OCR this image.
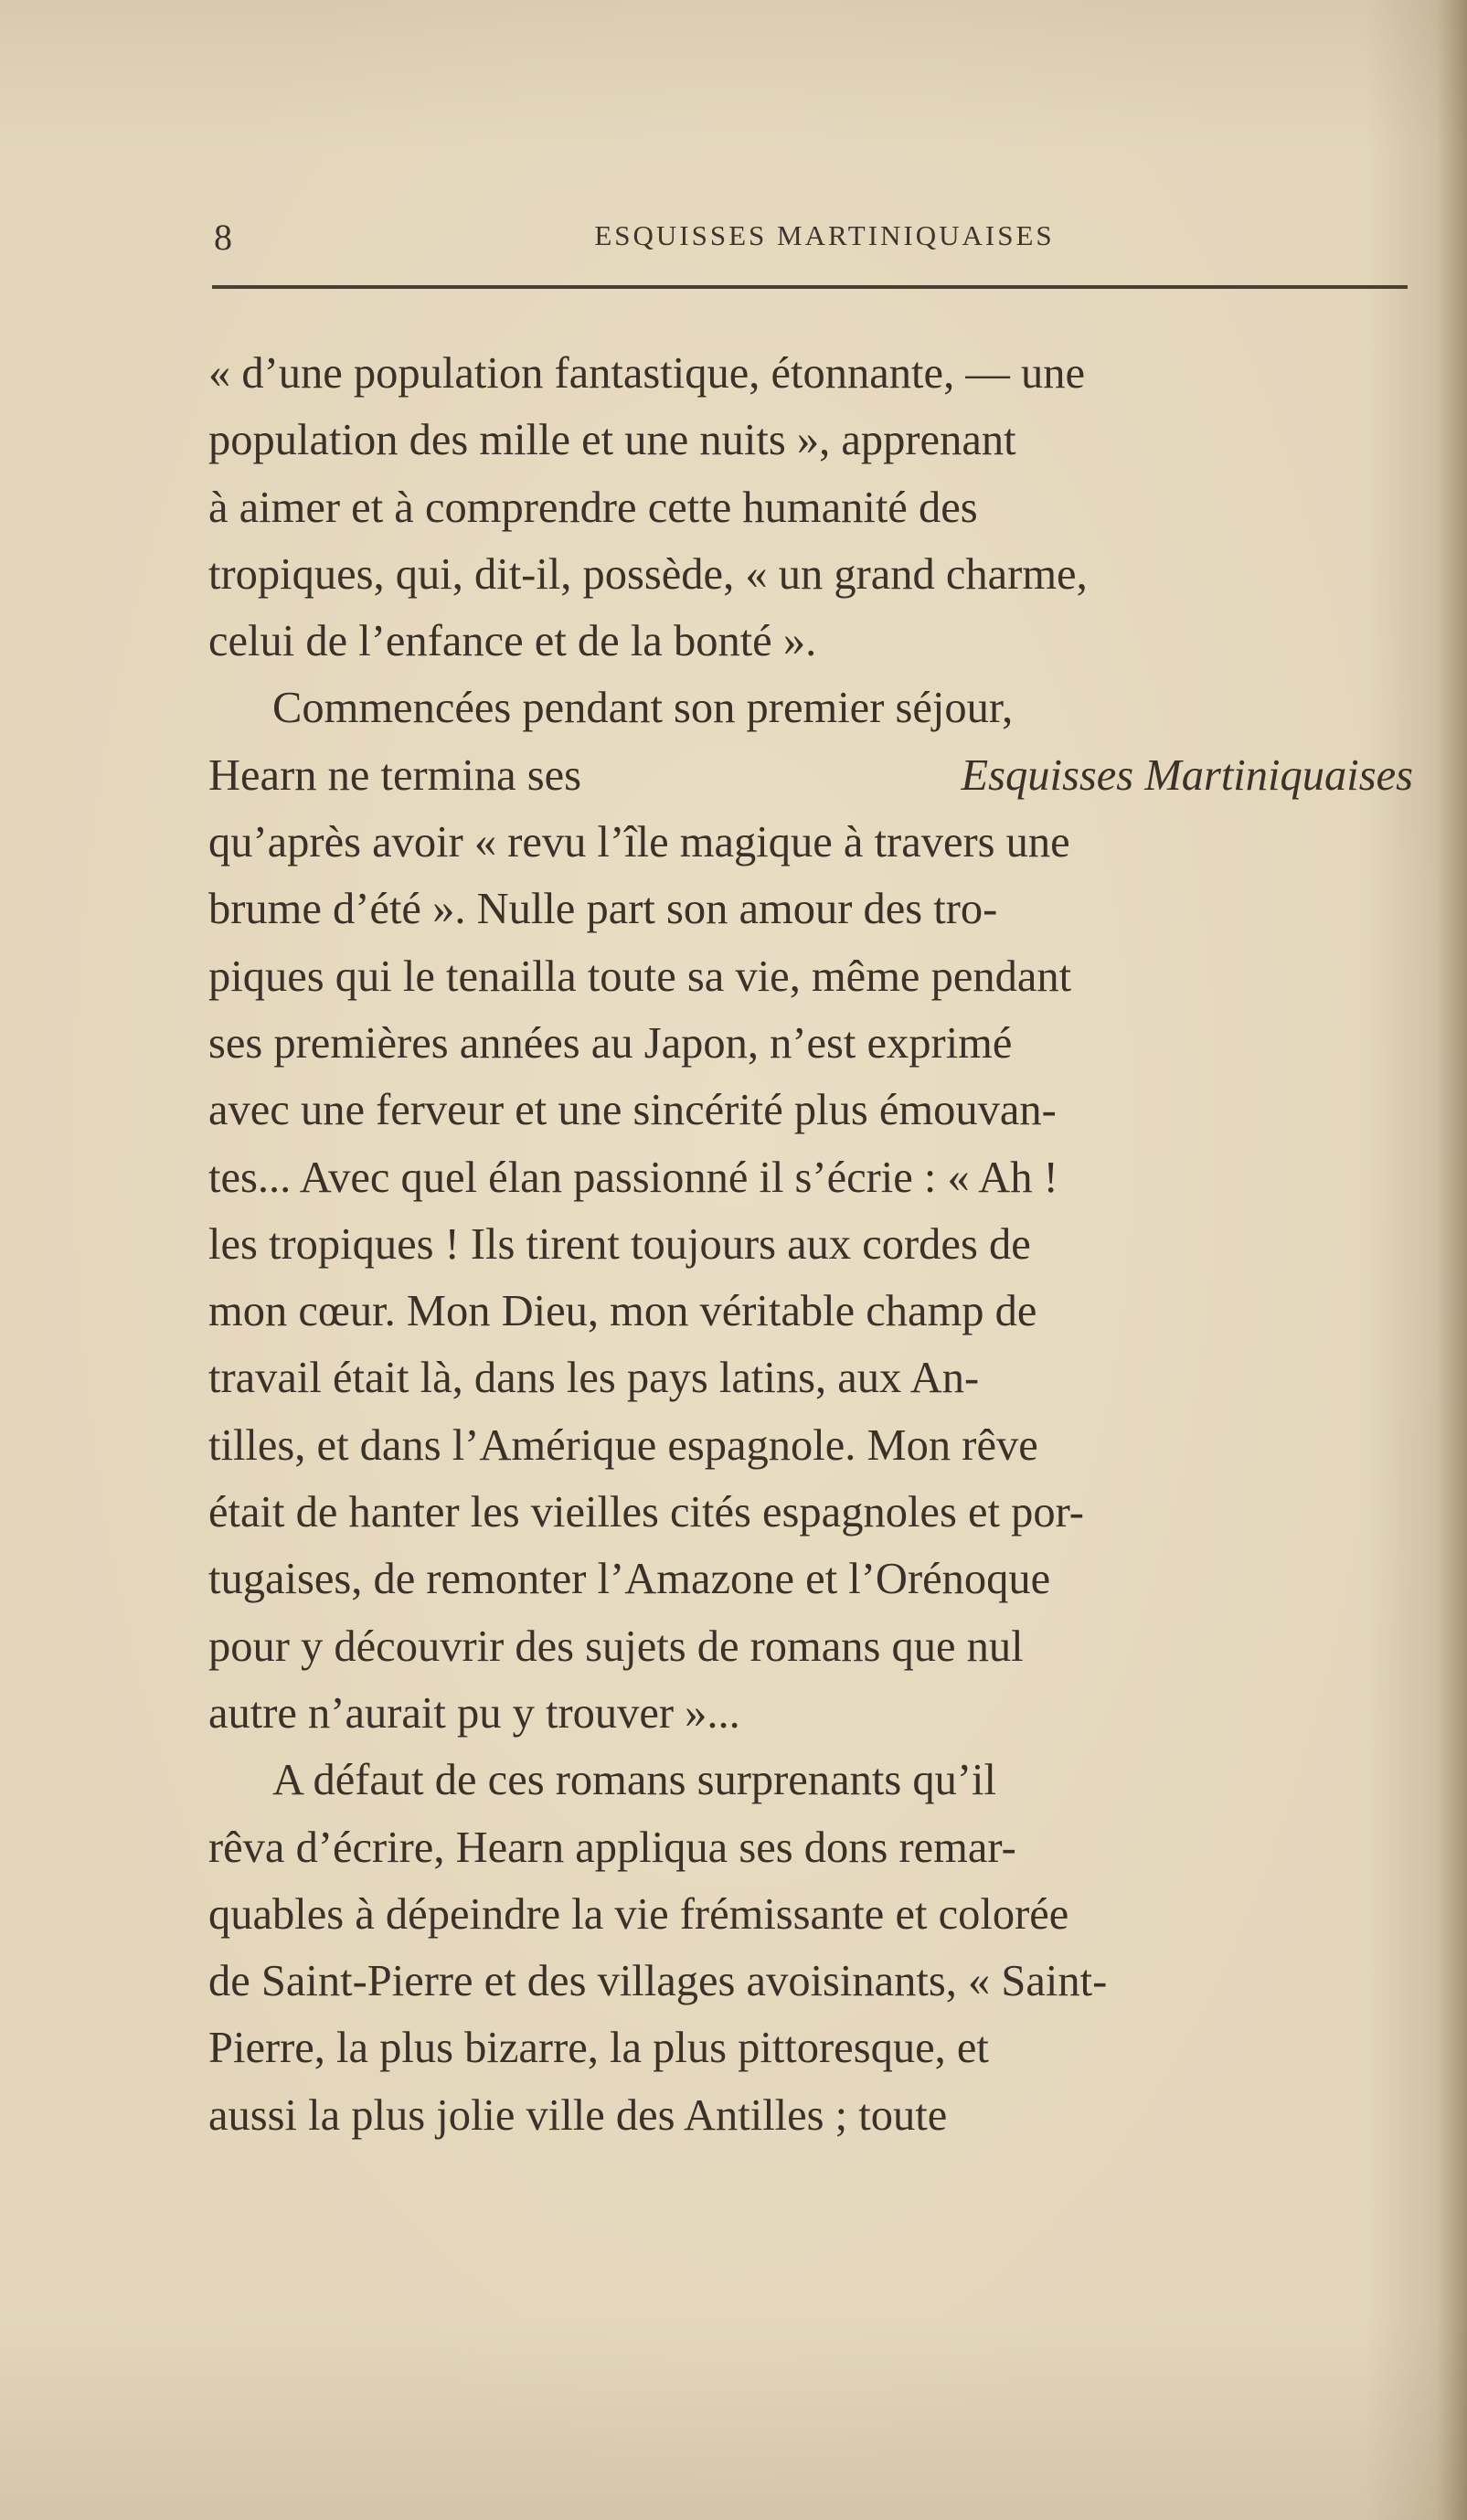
8	ESQUISSES MARTINIQUAISES
« d’une population fantastique, étonnante, — une
population des mille et une nuits », apprenant
à aimer et à comprendre cette humanité des
tropiques, qui, dit-il, possède, « un grand charme,
celui de l’enfance et de la bonté ».
Commencées pendant son premier séjour,
Hearn ne termina ses	Esquisses Martiniquaises
qu’après avoir « revu l’île magique à travers une
brume d’été ». Nulle part son amour des tro-
piques qui le tenailla toute sa vie, même pendant
ses premières années au Japon, n’est exprimé
avec une ferveur et une sincérité plus émouvan-
tes... Avec quel élan passionné il s’écrie : « Ah !
les tropiques ! Ils tirent toujours aux cordes de
mon cœur. Mon Dieu, mon véritable champ de
travail était là, dans les pays latins, aux An-
tilles, et dans l’Amérique espagnole. Mon rêve
était de hanter les vieilles cités espagnoles et por-
tugaises, de remonter l’Amazone et l’Orénoque
pour y découvrir des sujets de romans que nul
autre n’aurait pu y trouver »...
A défaut de ces romans surprenants qu’il
rêva d’écrire, Hearn appliqua ses dons remar-
quables à dépeindre la vie frémissante et colorée
de Saint-Pierre et des villages avoisinants, « Saint-
Pierre, la plus bizarre, la plus pittoresque, et
aussi la plus jolie ville des Antilles ; toute
